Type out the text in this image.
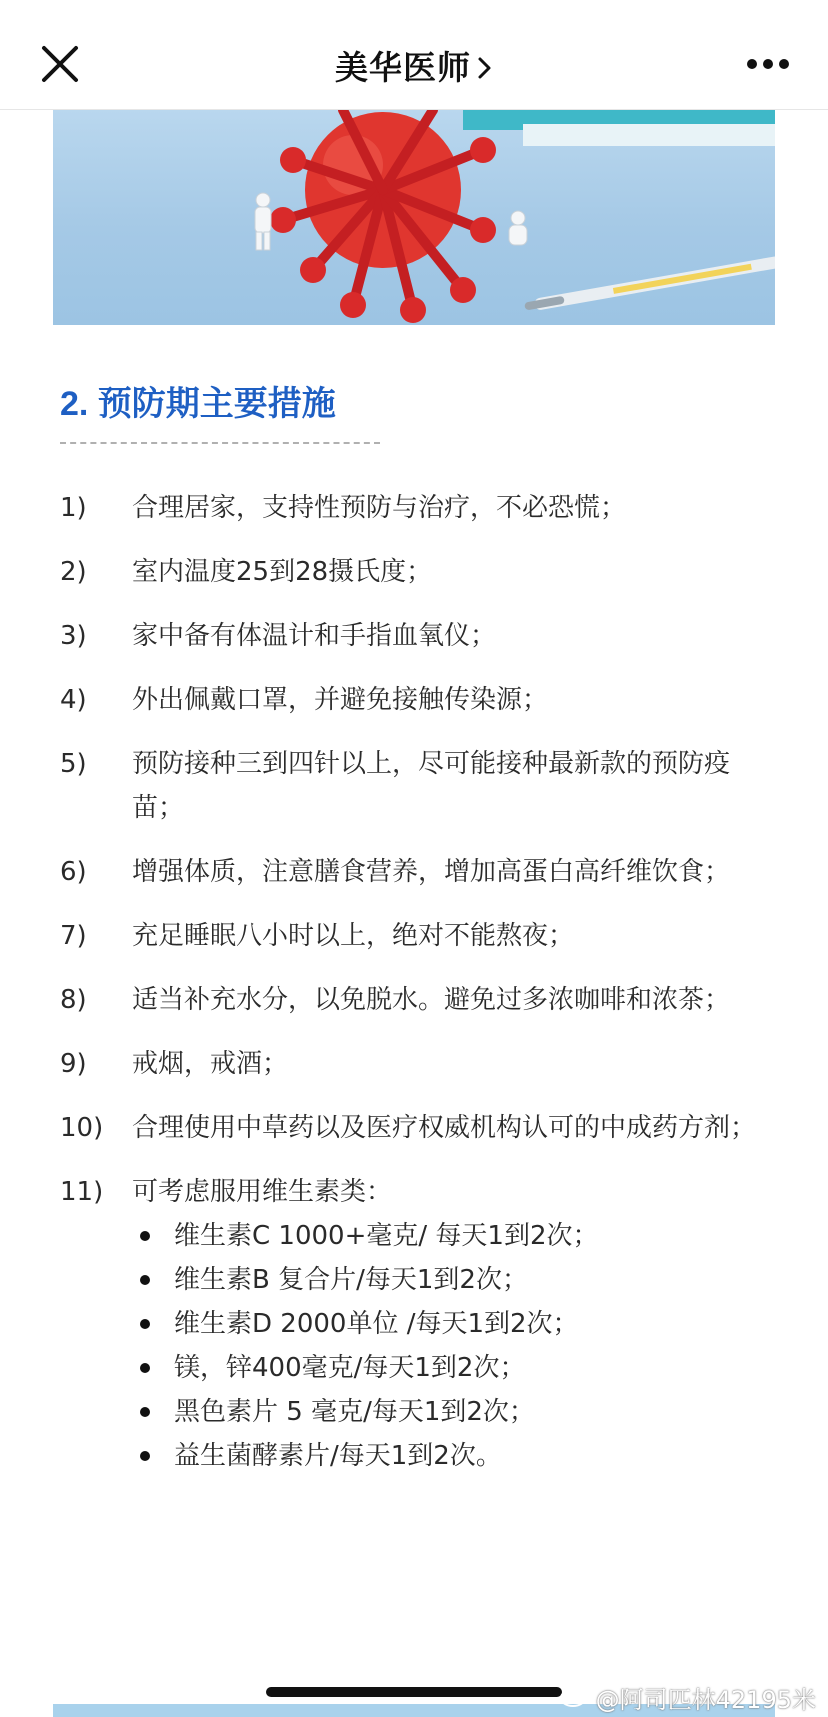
美华医师
2. 预防期主要措施
1) 合理居家，支持性预防与治疗，不必恐慌；
2) 室内温度25到28摄氏度；
3) 家中备有体温计和手指血氧仪；
4) 外出佩戴口罩，并避免接触传染源；
5) 预防接种三到四针以上，尽可能接种最新款的预防疫苗；
6) 增强体质，注意膳食营养，增加高蛋白高纤维饮食；
7) 充足睡眠八小时以上，绝对不能熬夜；
8) 适当补充水分，以免脱水。避免过多浓咖啡和浓茶；
9) 戒烟，戒酒；
10) 合理使用中草药以及医疗权威机构认可的中成药方剂；
11) 可考虑服用维生素类：
维生素C 1000+毫克/ 每天1到2次；
维生素B 复合片/每天1到2次；
维生素D 2000单位 /每天1到2次；
镁，锌400毫克/每天1到2次；
黑色素片 5 毫克/每天1到2次；
益生菌酵素片/每天1到2次。
@阿司匹林42195米
